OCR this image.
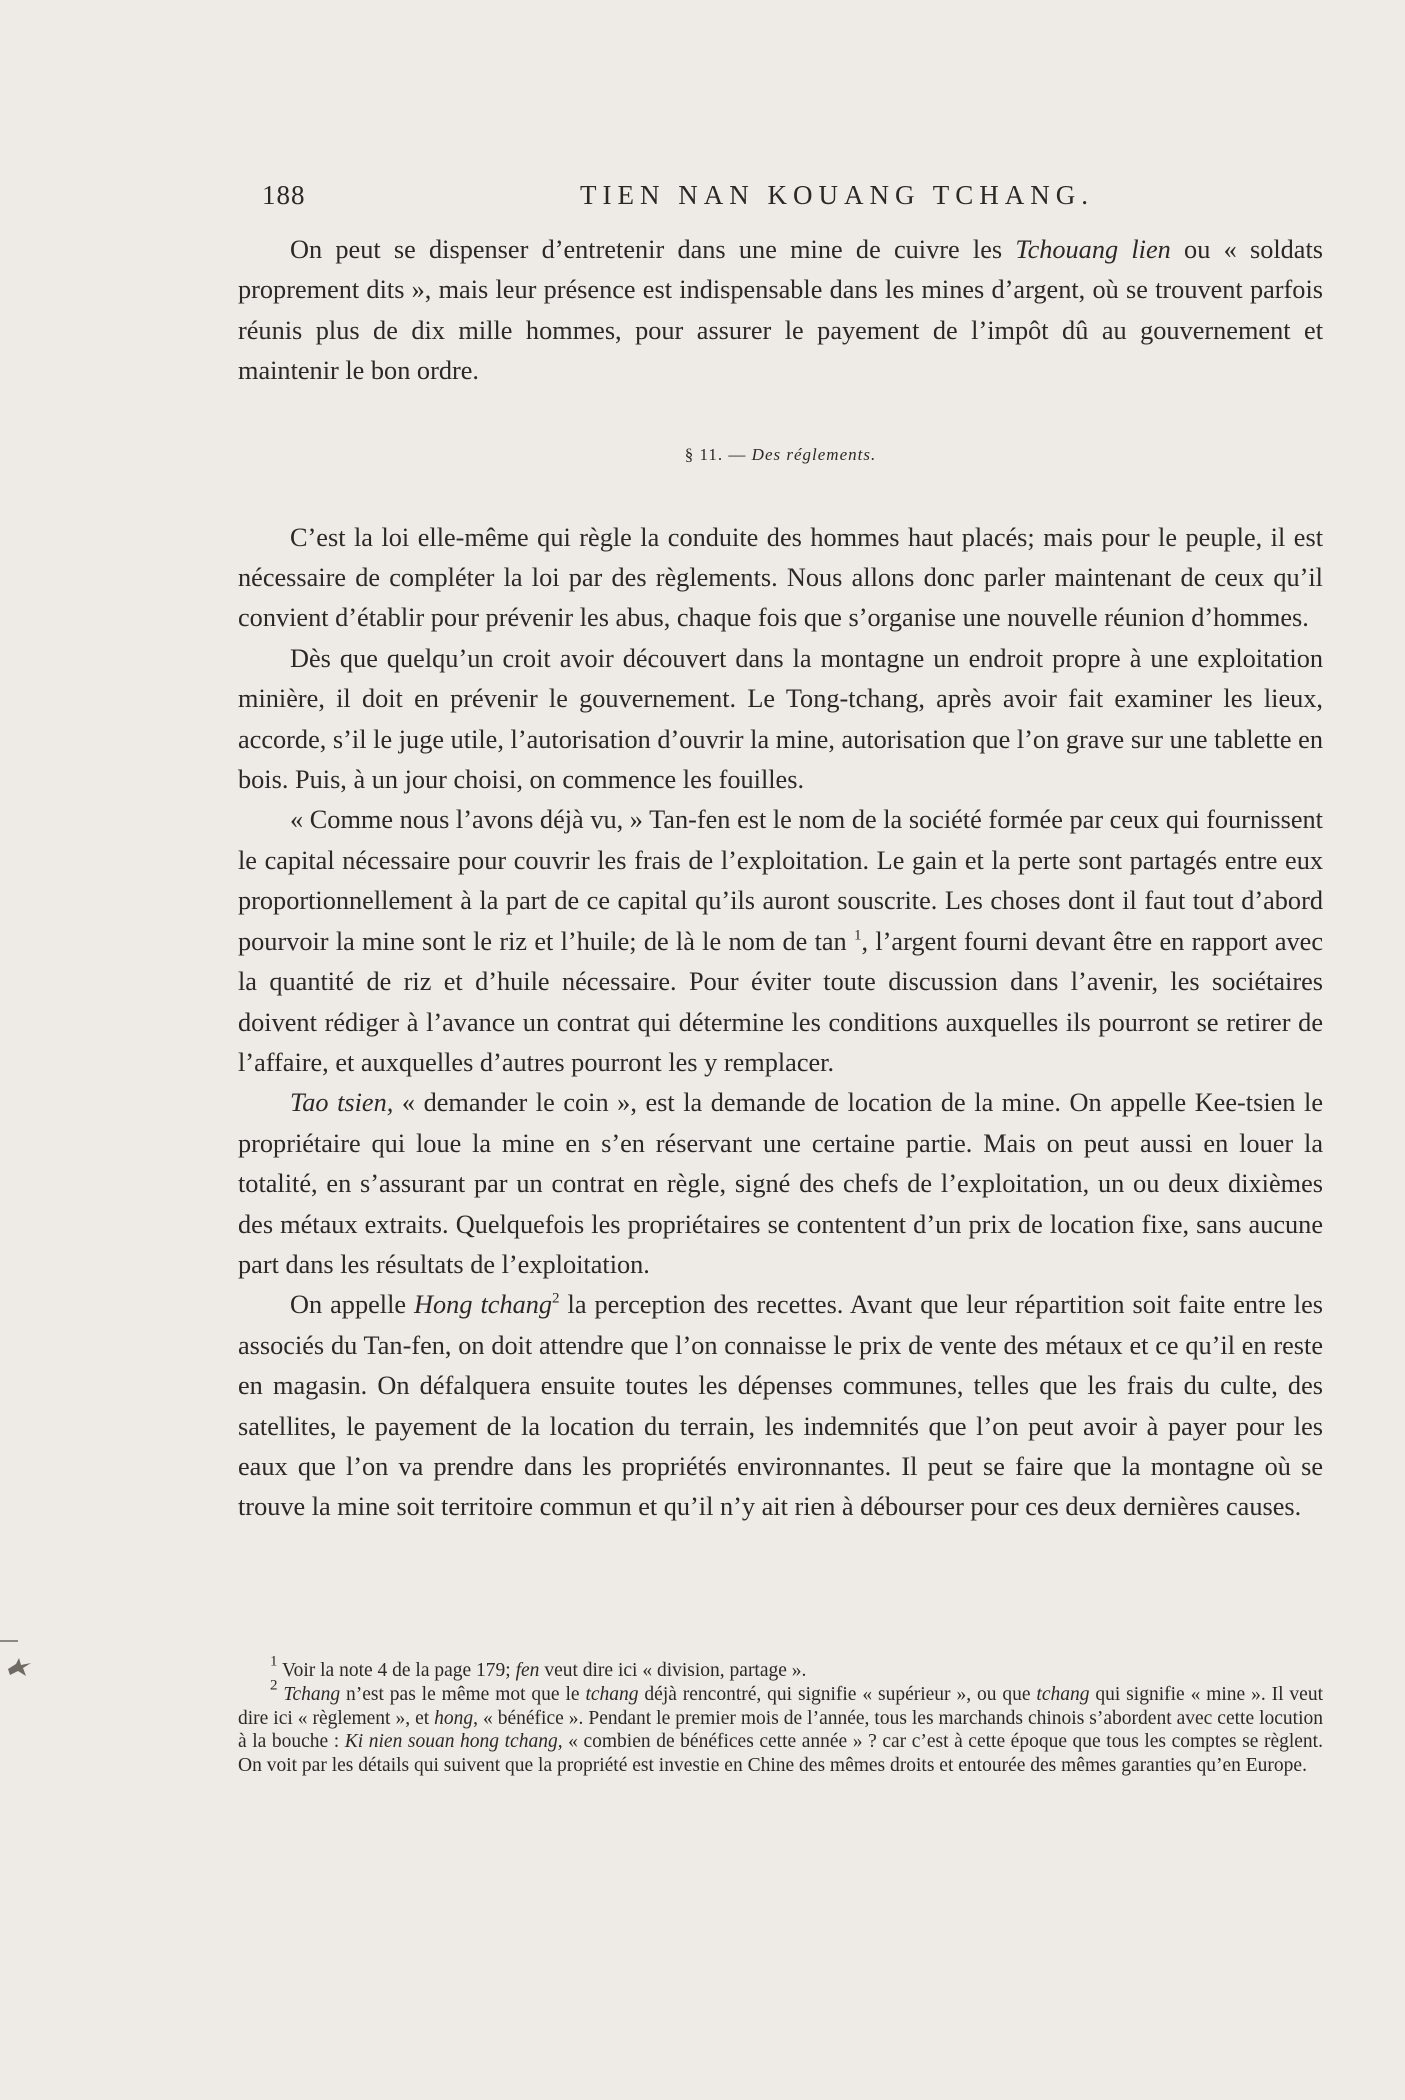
188	TIEN NAN KOUANG TCHANG.

On peut se dispenser d’entretenir dans une mine de cuivre les Tchouang lien ou « soldats proprement dits », mais leur présence est indispensable dans les mines d’argent, où se trouvent parfois réunis plus de dix mille hommes, pour assurer le payement de l’impôt dû au gouvernement et maintenir le bon ordre.

§ 11. — Des réglements.

C’est la loi elle-même qui règle la conduite des hommes haut placés; mais pour le peuple, il est nécessaire de compléter la loi par des règlements. Nous allons donc parler maintenant de ceux qu’il convient d’établir pour prévenir les abus, chaque fois que s’organise une nouvelle réunion d’hommes.

Dès que quelqu’un croit avoir découvert dans la montagne un endroit propre à une exploitation minière, il doit en prévenir le gouvernement. Le Tong-tchang, après avoir fait examiner les lieux, accorde, s’il le juge utile, l’autorisation d’ouvrir la mine, autorisation que l’on grave sur une tablette en bois. Puis, à un jour choisi, on commence les fouilles.

« Comme nous l’avons déjà vu, » Tan-fen est le nom de la société formée par ceux qui fournissent le capital nécessaire pour couvrir les frais de l’exploitation. Le gain et la perte sont partagés entre eux proportionnellement à la part de ce capital qu’ils auront souscrite. Les choses dont il faut tout d’abord pourvoir la mine sont le riz et l’huile; de là le nom de tan $^1$, l’argent fourni devant être en rapport avec la quantité de riz et d’huile nécessaire. Pour éviter toute discussion dans l’avenir, les sociétaires doivent rédiger à l’avance un contrat qui détermine les conditions auxquelles ils pourront se retirer de l’affaire, et auxquelles d’autres pourront les y remplacer.

Tao tsien, « demander le coin », est la demande de location de la mine. On appelle Kee-tsien le propriétaire qui loue la mine en s’en réservant une certaine partie. Mais on peut aussi en louer la totalité, en s’assurant par un contrat en règle, signé des chefs de l’exploitation, un ou deux dixièmes des métaux extraits. Quelquefois les propriétaires se contentent d’un prix de location fixe, sans aucune part dans les résultats de l’exploitation.

On appelle Hong tchang$^2$ la perception des recettes. Avant que leur répartition soit faite entre les associés du Tan-fen, on doit attendre que l’on connaisse le prix de vente des métaux et ce qu’il en reste en magasin. On défalquera ensuite toutes les dépenses communes, telles que les frais du culte, des satellites, le payement de la location du terrain, les indemnités que l’on peut avoir à payer pour les eaux que l’on va prendre dans les propriétés environnantes. Il peut se faire que la montagne où se trouve la mine soit territoire commun et qu’il n’y ait rien à débourser pour ces deux dernières causes.

$^1$ Voir la note 4 de la page 179; fen veut dire ici « division, partage ».

$^2$ Tchang n’est pas le même mot que le tchang déjà rencontré, qui signifie « supérieur », ou que tchang qui signifie « mine ». Il veut dire ici « règlement », et hong, « bénéfice ». Pendant le premier mois de l’année, tous les marchands chinois s’abordent avec cette locution à la bouche : Ki nien souan hong tchang, « combien de bénéfices cette année » ? car c’est à cette époque que tous les comptes se règlent. On voit par les détails qui suivent que la propriété est investie en Chine des mêmes droits et entourée des mêmes garanties qu’en Europe.
